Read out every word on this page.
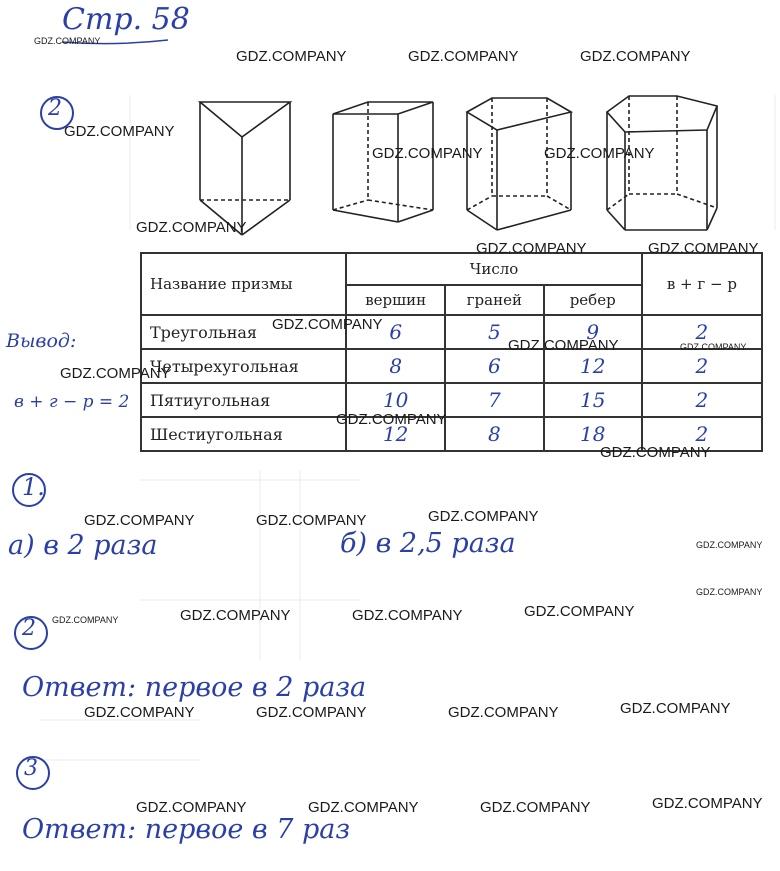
Стр. 58
2
Название призмы	Число			в + г − р
	вершин	граней	ребер	
Треугольная	6	5	9	2
Четырехугольная	8	6	12	2
Пятиугольная	10	7	15	2
Шестиугольная	12	8	18	2
Вывод:
в + г − р = 2
1.
а) в 2 раза	б) в 2,5 раза
2
Ответ: первое в 2 раза
3
Ответ: первое в 7 раз
GDZ.COMPANY
GDZ.COMPANY	GDZ.COMPANY	GDZ.COMPANY
GDZ.COMPANY
GDZ.COMPANY	GDZ.COMPANY
GDZ.COMPANY
GDZ.COMPANY	GDZ.COMPANY
GDZ.COMPANY
GDZ.COMPANY	GDZ.COMPANY
GDZ.COMPANY
GDZ.COMPANY
GDZ.COMPANY
GDZ.COMPANY	GDZ.COMPANY	GDZ.COMPANY
GDZ.COMPANY
GDZ.COMPANY
GDZ.COMPANY	GDZ.COMPANY	GDZ.COMPANY	GDZ.COMPANY
GDZ.COMPANY	GDZ.COMPANY	GDZ.COMPANY	GDZ.COMPANY
GDZ.COMPANY	GDZ.COMPANY	GDZ.COMPANY	GDZ.COMPANY
